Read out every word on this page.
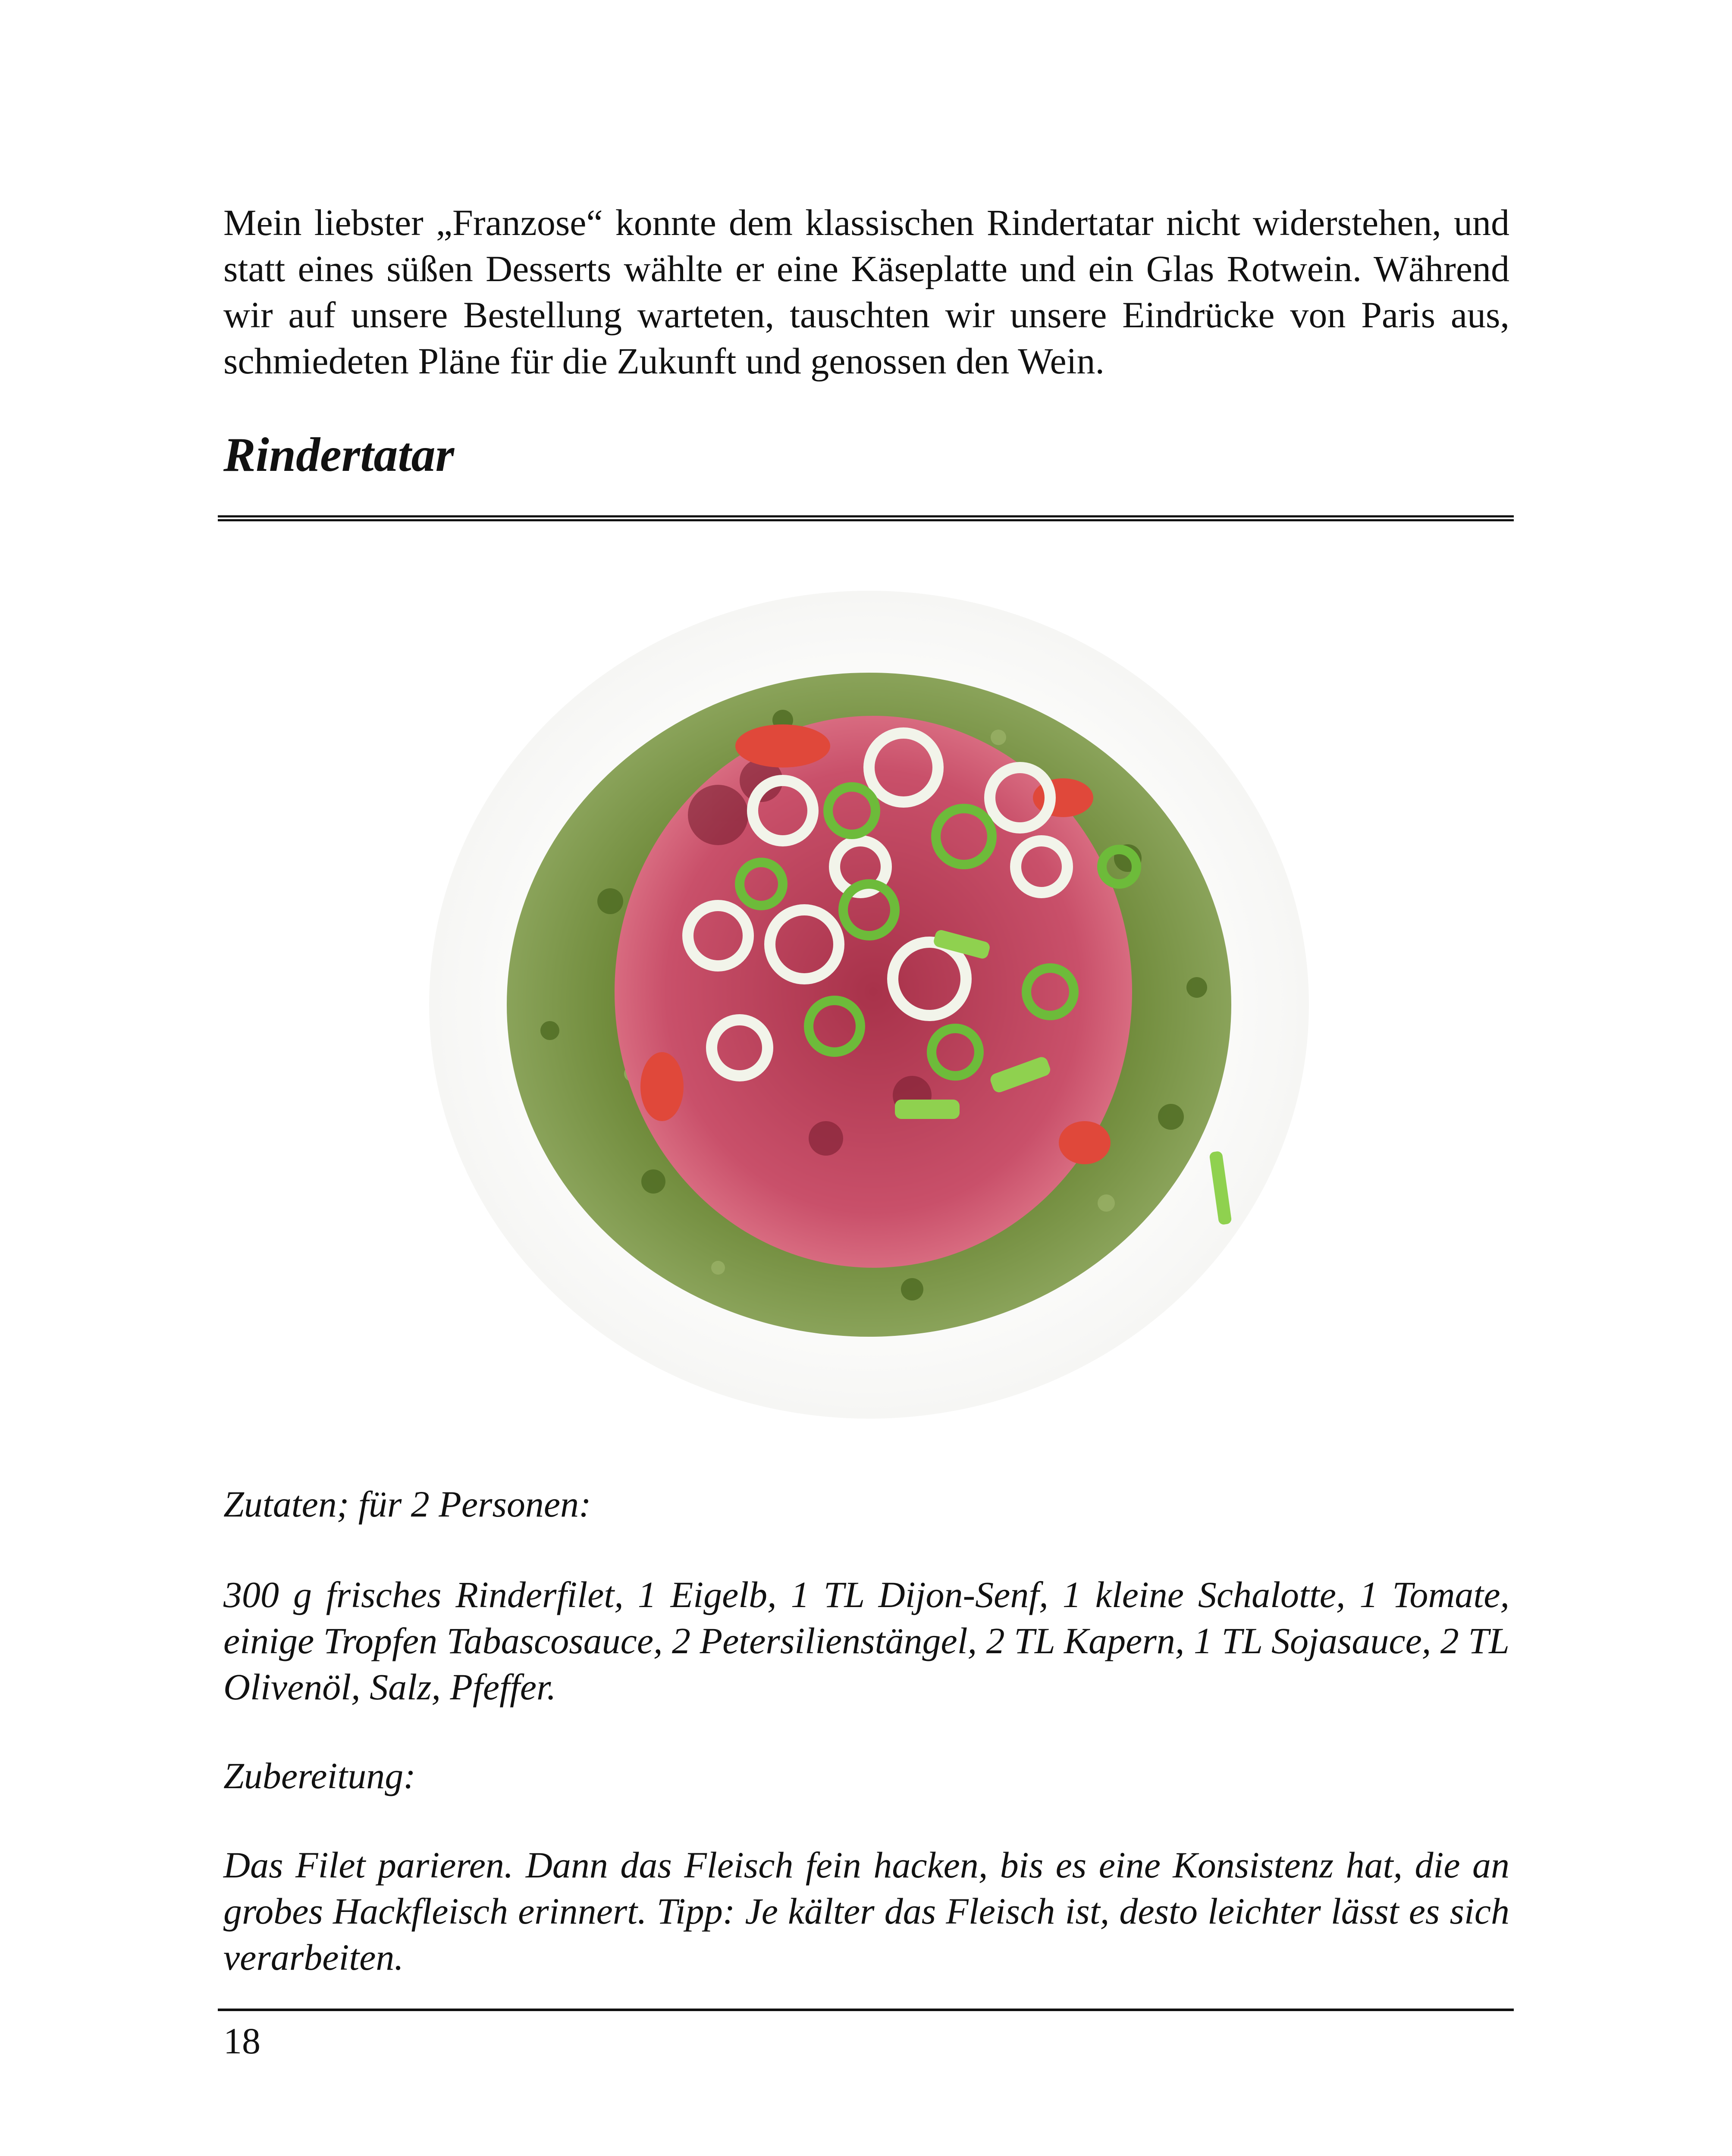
Mein liebster „Franzose“ konnte dem klassischen Rindertatar nicht widerstehen, und statt eines süßen Desserts wählte er eine Käseplatte und ein Glas Rotwein. Während wir auf unsere Bestellung warteten, tauschten wir unsere Eindrücke von Paris aus, schmiedeten Pläne für die Zukunft und genossen den Wein.

Rindertatar

Zutaten; für 2 Personen:

300 g frisches Rinderfilet, 1 Eigelb, 1 TL Dijon-Senf, 1 kleine Schalotte, 1 Tomate, einige Tropfen Tabascosauce, 2 Petersilienstängel, 2 TL Kapern, 1 TL Sojasauce, 2 TL Olivenöl, Salz, Pfeffer.

Zubereitung:

Das Filet parieren. Dann das Fleisch fein hacken, bis es eine Konsistenz hat, die an grobes Hackfleisch erinnert. Tipp: Je kälter das Fleisch ist, desto leichter lässt es sich verarbeiten.

18
